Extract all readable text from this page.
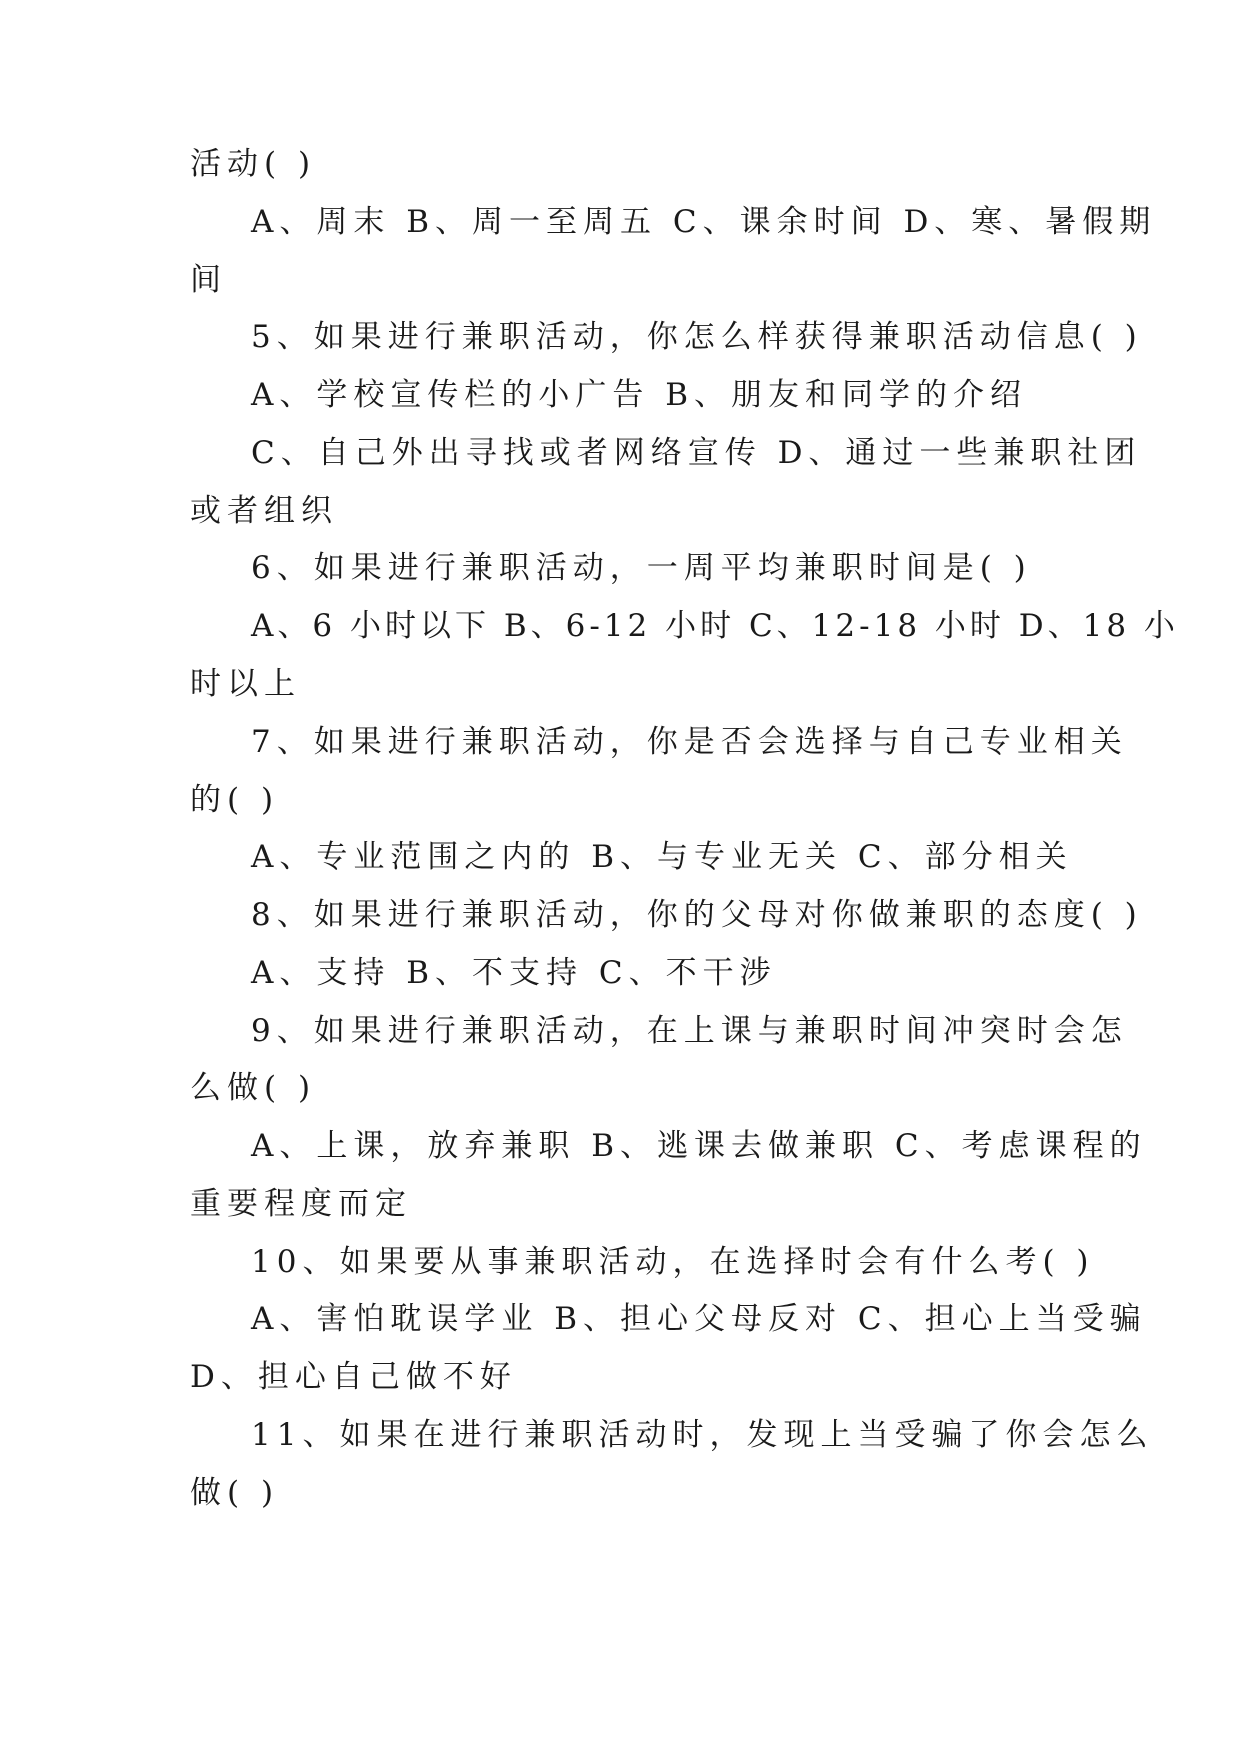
活动( )
A、周末 B、周一至周五 C、课余时间 D、寒、暑假期
间
5、如果进行兼职活动，你怎么样获得兼职活动信息( )
A、学校宣传栏的小广告 B、朋友和同学的介绍
C、自己外出寻找或者网络宣传 D、通过一些兼职社团
或者组织
6、如果进行兼职活动，一周平均兼职时间是( )
A、6 小时以下 B、6-12 小时 C、12-18 小时 D、18 小
时以上
7、如果进行兼职活动，你是否会选择与自己专业相关
的( )
A、专业范围之内的 B、与专业无关 C、部分相关
8、如果进行兼职活动，你的父母对你做兼职的态度( )
A、支持 B、不支持 C、不干涉
9、如果进行兼职活动，在上课与兼职时间冲突时会怎
么做( )
A、上课，放弃兼职 B、逃课去做兼职 C、考虑课程的
重要程度而定
10、如果要从事兼职活动，在选择时会有什么考( )
A、害怕耽误学业 B、担心父母反对 C、担心上当受骗
D、担心自己做不好
11、如果在进行兼职活动时，发现上当受骗了你会怎么
做( )
